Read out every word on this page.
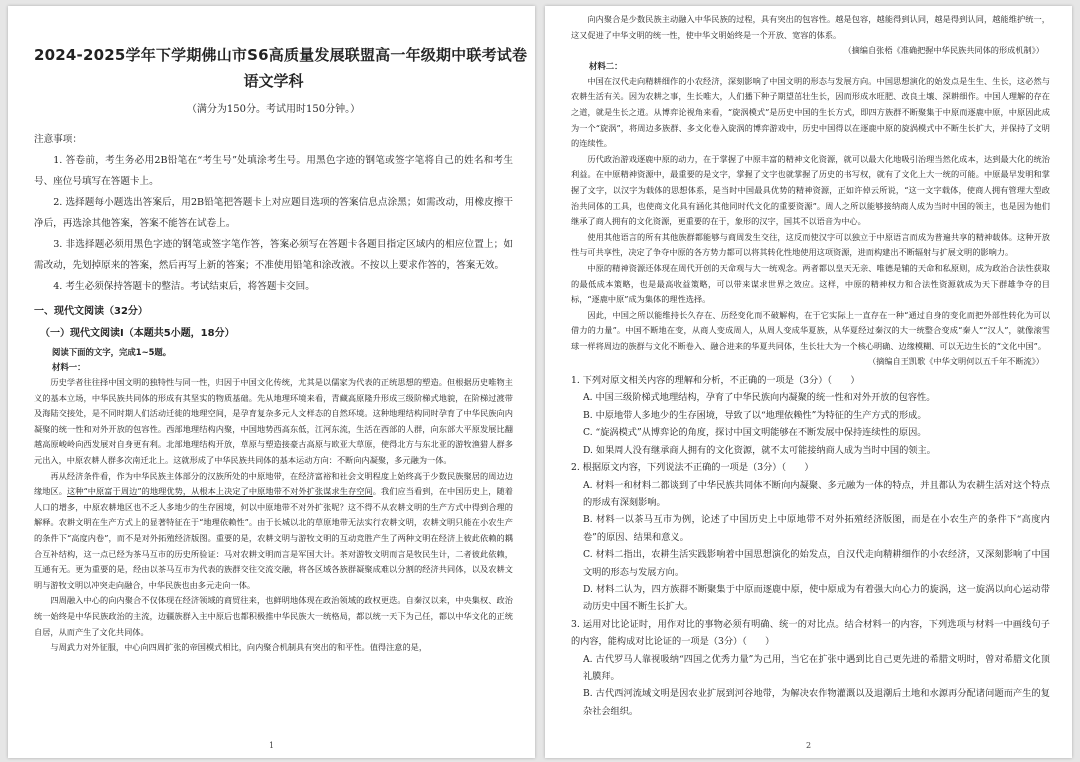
2024-2025学年下学期佛山市S6高质量发展联盟高一年级期中联考试卷
语文学科

（满分为150分。考试用时150分钟。）

注意事项：

1. 答卷前，考生务必用2B铅笔在“考生号”处填涂考生号。用黑色字迹的钢笔或签字笔将自己的姓名和考生号、座位号填写在答题卡上。

2. 选择题每小题选出答案后，用2B铅笔把答题卡上对应题目选项的答案信息点涂黑；如需改动，用橡皮擦干净后，再选涂其他答案，答案不能答在试卷上。

3. 非选择题必须用黑色字迹的钢笔或签字笔作答，答案必须写在答题卡各题目指定区域内的相应位置上；如需改动，先划掉原来的答案，然后再写上新的答案；不准使用铅笔和涂改液。不按以上要求作答的，答案无效。

4. 考生必须保持答题卡的整洁。考试结束后，将答题卡交回。

一、现代文阅读（32分）

（一）现代文阅读Ⅰ（本题共5小题，18分）

阅读下面的文字，完成1~5题。

材料一：

历史学者往往择中国文明的独特性与同一性，归因于中国文化传统，尤其是以儒家为代表的正统思想的塑造。但根据历史唯物主义的基本立场，中华民族共同体的形成有其坚实的物质基础。先从地理环境来看，青藏高原隆升形成三级阶梯式地貌，在阶梯过渡带及海陆交接处，是不同时期人们活动迁徙的地理空间，是孕育复杂多元人文样态的自然环境。这种地理结构同时孕育了中华民族向内凝聚的统一性和对外开放的包容性。西部地理结构内聚，中国地势西高东低，江河东流，生活在西部的人群，向东部大平原发展比翻越高原峻岭向西发展对自身更有利。北部地理结构开放，草原与塑造接豪古高原与欧亚大草原，使得北方与东北亚的游牧渔猎人群多元出入，中原农耕人群多次南迁北上。这就形成了中华民族共同体的基本运动方向：不断向内凝聚，多元融为一体。

再从经济条件看，作为中华民族主体部分的汉族所处的中原地带，在经济富裕和社会文明程度上始终高于少数民族聚居的周边边缘地区。这种“中原富于周边”的地理优势，从根本上决定了中原地带不对外扩张谋求生存空间。我们应当看到，在中国历史上，随着人口的增多，中原农耕地区也不乏人多地少的生存困境，何以中原地带不对外扩张呢？这不得不从农耕文明的生产方式中得到合理的解释。农耕文明在生产方式上的显著特征在于“地理依赖性”。由于长城以北的草原地带无法实行农耕文明，农耕文明只能在小农生产的条件下“高度内卷”，而不是对外拓殖经济版图。重要的是，农耕文明与游牧文明的互动竞胜产生了两种文明在经济上彼此依赖的耦合互补结构，这一点已经为茶马互市的历史所验证：马对农耕文明而言是军国大计。茶对游牧文明而言是牧民生计，二者彼此依赖，互通有无。更为重要的是，经由以茶马互市为代表的族群交往交流交融，将各区域各族群凝聚成难以分割的经济共同体，以及农耕文明与游牧文明以冲突走向融合，中华民族也由多元走向一体。

四周融入中心的向内聚合不仅体现在经济领域的商贸往来，也鲜明地体现在政治领域的政权更迭。自秦汉以来，中央集权、政治统一始终是中华民族政治的主流，边疆族群入主中原后也都积极推中华民族大一统格局，都以统一天下为己任，都以中华文化的正统自居，从而产生了文化共同体。

与周武力对外征服，中心向四周扩张的帝国模式相比，向内聚合机制具有突出的和平性。值得注意的是，

1

向内聚合是少数民族主动融入中华民族的过程，具有突出的包容性。越是包容，越能得到认同，越是得到认同，越能维护统一，这又促进了中华文明的统一性，使中华文明始终是一个开放、宽容的体系。

（摘编自张梧《准确把握中华民族共同体的形成机制》）

材料二：

中国在汉代走向精耕细作的小农经济，深刻影响了中国文明的形态与发展方向。中国思想演化的始发点是生生、生长，这必然与农耕生活有关。因为农耕之事，生长唯大，人们播下种子期望茁壮生长，因而形成水旺肥、改良土壤、深耕细作。中国人理解的存在之道，就是生长之道。从博弈论视角来看，“旋涡模式”是历史中国的生长方式，即四方族群不断聚集于中原而逐鹿中原，中原因此成为一个“旋涡”，将周边多族群、多文化卷入旋涡的博弈游戏中，历史中国得以在逐鹿中原的旋涡模式中不断生长扩大，并保持了文明的连续性。

历代政治游戏逐鹿中原的动力，在于掌握了中原丰富的精神文化资源，就可以最大化地吸引治理当然化成本，达到最大化的统治利益。在中原精神资源中，最重要的是文字，掌握了文字也就掌握了历史的书写权，就有了文化上大一统的可能。中原最早发明和掌握了文字，以汉字为载体的思想体系，是当时中国最具优势的精神资源，正如许倬云所说，“这一文字载体，使商人拥有管理大型政治共同体的工具，也使商文化具有涵化其他同时代文化的重要资源”。周人之所以能够接纳商人成为当时中国的领主，也是因为他们继承了商人拥有的文化资源，更重要的在于，象形的汉字，国其不以语音为中心。

使用其他语言的所有其他族群都能够与商周发生交往，这反而使汉字可以独立于中原语言而成为普遍共享的精神载体。这种开放性与可共享性，决定了争夺中原的各方势力都可以将其转化性地使用这项资源，进而构建出不断辐射与扩展文明的影响力。

中原的精神资源还体现在周代开创的天命观与大一统观念。两者都以皇天无亲、唯德是辅的天命和私原则，成为政治合法性获取的最低成本策略，也是最高收益策略，可以带来谋求世界之效应。这样，中原的精神权力和合法性资源就成为天下群雄争夺的目标，“逐鹿中原”成为集体的理性选择。

因此，中国之所以能维持长久存在、历经变化而不破解构，在于它实际上一直存在一种“通过自身的变化而把外部性转化为可以借力的力量”。中国不断地在变，从商人变成周人，从周人变成华夏族，从华夏经过秦汉的大一统整合变成“秦人”“汉人”，就像滚雪球一样将周边的族群与文化不断卷入、融合进来的华夏共同体，生长壮大为一个核心明确、边缘模糊、可以无边生长的“文化中国”。

（摘编自王凯歌《中华文明何以五千年不断流》）

1. 下列对原文相关内容的理解和分析，不正确的一项是（3分）（　　）

A. 中国三级阶梯式地理结构，孕育了中华民族向内凝聚的统一性和对外开放的包容性。

B. 中原地带人多地少的生存困境，导致了以“地理依赖性”为特征的生产方式的形成。

C. “旋涡模式”从博弈论的角度，探讨中国文明能够在不断发展中保持连续性的原因。

D. 如果周人没有继承商人拥有的文化资源，就不太可能接纳商人成为当时中国的领主。

2. 根据原文内容，下列说法不正确的一项是（3分）（　　）

A. 材料一和材料二都谈到了中华民族共同体不断向内凝聚、多元融为一体的特点，并且都认为农耕生活对这个特点的形成有深刻影响。

B. 材料一以茶马互市为例，论述了中国历史上中原地带不对外拓殖经济版图，而是在小农生产的条件下“高度内卷”的原因、结果和意义。

C. 材料二指出，农耕生活实践影响着中国思想演化的始发点，自汉代走向精耕细作的小农经济，又深刻影响了中国文明的形态与发展方向。

D. 材料二认为，四方族群不断聚集于中原而逐鹿中原，使中原成为有着强大向心力的旋涡，这一旋涡以向心运动带动历史中国不断生长扩大。

3. 运用对比论证时，用作对比的事物必须有明确、统一的对比点。结合材料一的内容，下列选项与材料一中画线句子的内容，能构成对比论证的一项是（3分）（　　）

A. 古代罗马人靠视吸纳“四国之优秀力量”为己用，当它在扩张中遇到比自己更先进的希腊文明时，曾对希腊文化顶礼膜拜。

B. 古代西河流域文明是因农业扩展到河谷地带，为解决农作物灌溉以及退潮后土地和水源再分配诸问题而产生的复杂社会组织。

2
